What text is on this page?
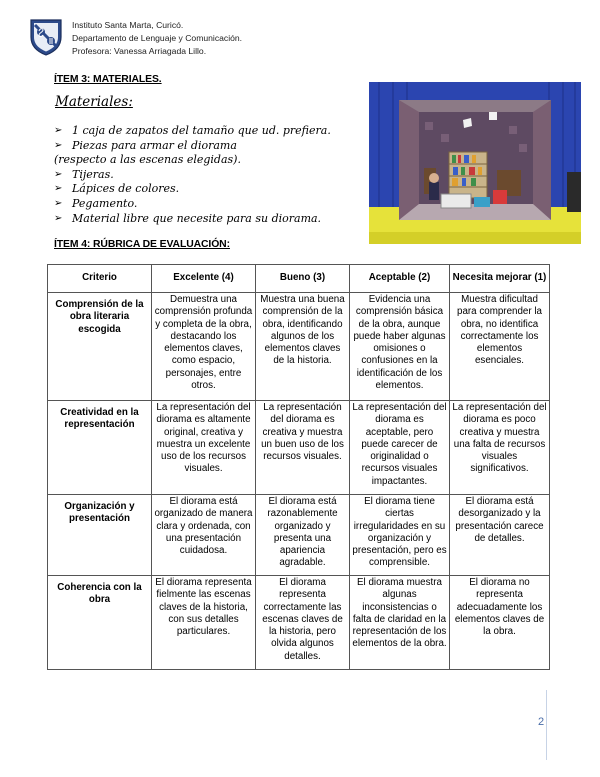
Instituto Santa Marta, Curicó.
Departamento de Lenguaje y Comunicación.
Profesora: Vanessa Arriagada Lillo.
ÍTEM 3: MATERIALES.
Materiales:
➢ 1 caja de zapatos del tamaño que ud. prefiera.
➢ Piezas para armar el diorama
(respecto a las escenas elegidas).
➢ Tijeras.
➢ Lápices de colores.
➢ Pegamento.
➢ Material libre que necesite para su diorama.
ÍTEM 4: RÚBRICA DE EVALUACIÓN:
Criterio	Excelente (4)	Bueno (3)	Aceptable (2)	Necesita mejorar (1)
Comprensión de la obra literaria escogida	Demuestra una comprensión profunda y completa de la obra, destacando los elementos claves, como espacio, personajes, entre otros.	Muestra una buena comprensión de la obra, identificando algunos de los elementos claves de la historia.	Evidencia una comprensión básica de la obra, aunque puede haber algunas omisiones o confusiones en la identificación de los elementos.	Muestra dificultad para comprender la obra, no identifica correctamente los elementos esenciales.
Creatividad en la representación	La representación del diorama es altamente original, creativa y muestra un excelente uso de los recursos visuales.	La representación del diorama es creativa y muestra un buen uso de los recursos visuales.	La representación del diorama es aceptable, pero puede carecer de originalidad o recursos visuales impactantes.	La representación del diorama es poco creativa y muestra una falta de recursos visuales significativos.
Organización y presentación	El diorama está organizado de manera clara y ordenada, con una presentación cuidadosa.	El diorama está razonablemente organizado y presenta una apariencia agradable.	El diorama tiene ciertas irregularidades en su organización y presentación, pero es comprensible.	El diorama está desorganizado y la presentación carece de detalles.
Coherencia con la obra	El diorama representa fielmente las escenas claves de la historia, con sus detalles particulares.	El diorama representa correctamente las escenas claves de la historia, pero olvida algunos detalles.	El diorama muestra algunas inconsistencias o falta de claridad en la representación de los elementos de la obra.	El diorama no representa adecuadamente los elementos claves de la obra.
2
